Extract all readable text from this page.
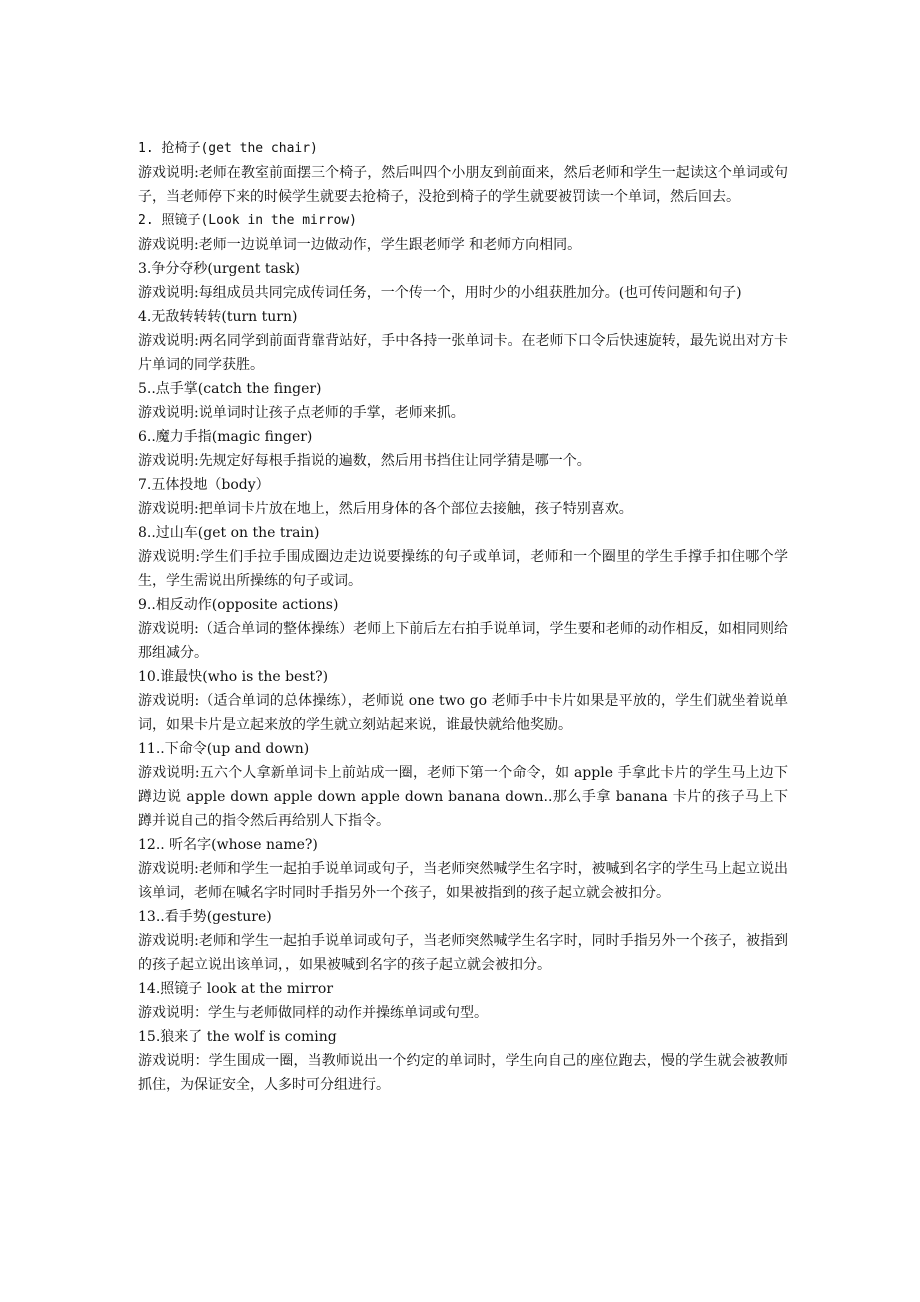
1. 抢椅子(get the chair)
游戏说明:老师在教室前面摆三个椅子，然后叫四个小朋友到前面来，然后老师和学生一起读这个单词或句子，当老师停下来的时候学生就要去抢椅子，没抢到椅子的学生就要被罚读一个单词，然后回去。
2. 照镜子(Look in the mirrow)
游戏说明:老师一边说单词一边做动作，学生跟老师学 和老师方向相同。
3.争分夺秒(urgent task)
游戏说明:每组成员共同完成传词任务，一个传一个，用时少的小组获胜加分。(也可传问题和句子)
4.无敌转转转(turn turn)
游戏说明:两名同学到前面背靠背站好，手中各持一张单词卡。在老师下口令后快速旋转，最先说出对方卡片单词的同学获胜。
5..点手掌(catch the finger)
游戏说明:说单词时让孩子点老师的手掌，老师来抓。
6..魔力手指(magic finger)
游戏说明:先规定好每根手指说的遍数，然后用书挡住让同学猜是哪一个。
7.五体投地（body）
游戏说明:把单词卡片放在地上，然后用身体的各个部位去接触，孩子特别喜欢。
8..过山车(get on the train)
游戏说明:学生们手拉手围成圈边走边说要操练的句子或单词，老师和一个圈里的学生手撑手扣住哪个学生，学生需说出所操练的句子或词。
9..相反动作(opposite actions)
游戏说明:（适合单词的整体操练）老师上下前后左右拍手说单词，学生要和老师的动作相反，如相同则给那组减分。
10.谁最快(who is the best?)
游戏说明:（适合单词的总体操练），老师说 one two go 老师手中卡片如果是平放的，学生们就坐着说单词，如果卡片是立起来放的学生就立刻站起来说，谁最快就给他奖励。
11..下命令(up and down)
游戏说明:五六个人拿新单词卡上前站成一圈，老师下第一个命令，如 apple 手拿此卡片的学生马上边下蹲边说 apple down apple down apple down banana down..那么手拿 banana 卡片的孩子马上下蹲并说自己的指令然后再给别人下指令。
12.. 听名字(whose name?)
游戏说明:老师和学生一起拍手说单词或句子，当老师突然喊学生名字时，被喊到名字的学生马上起立说出该单词，老师在喊名字时同时手指另外一个孩子，如果被指到的孩子起立就会被扣分。
13..看手势(gesture)
游戏说明:老师和学生一起拍手说单词或句子，当老师突然喊学生名字时，同时手指另外一个孩子，被指到的孩子起立说出该单词，，如果被喊到名字的孩子起立就会被扣分。
14.照镜子 look at the mirror
游戏说明：学生与老师做同样的动作并操练单词或句型。
15.狼来了 the wolf is coming
游戏说明：学生围成一圈，当教师说出一个约定的单词时，学生向自己的座位跑去，慢的学生就会被教师抓住，为保证安全，人多时可分组进行。
